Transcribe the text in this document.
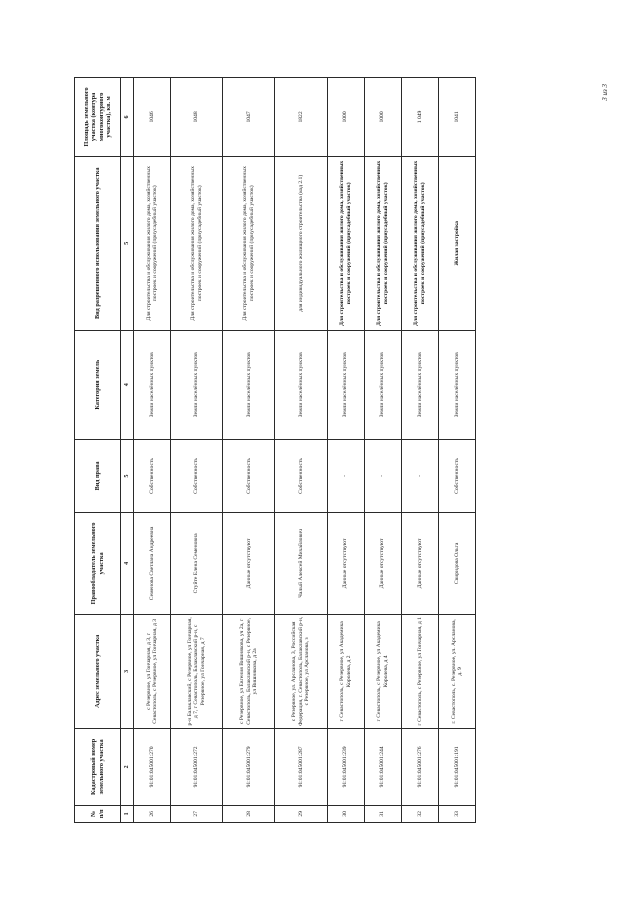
3 из 3
№ п/п	Кадастровый номер земельного участка	Адрес земельного участка	Правообладатель земельного участка	Вид права	Категория земель	Вид разрешенного использования земельного участка	Площадь земельного участка (контура многоконтурного участка), кв. м
1	2	3	4	5	4	5	6
26	91:01:045001:270	с Резервное, ул Гончарная, д 3, г Севастополь, с Резервное, ул Гончарная, д 3	Семенова Светлана Андреевна	Собственность	Земли населённых пунктов	Для строительства и обслуживания жилого дома, хозяйственных построек и сооружений (приусадебный участок)	1046
27	91:01:045001:272	р-н Балаклавский, с Резервное, ул Гончарная, д 7, г Севастополь, Балаклавский р-н, с Резервное, ул Гончарная, д 7	Стуйте Елена Семеновна	Собственность	Земли населённых пунктов	Для строительства и обслуживания жилого дома, хозяйственных построек и сооружений (приусадебный участок)	1048
28	91:01:045001:279	с Резервное, ул Евгения Вишнякова, уч 2а, г Севастополь, Балаклавский р-н, с Резервное, ул Вишнякова, д 2а	Данные отсутствуют	Собственность	Земли населённых пунктов	Для строительства и обслуживания жилого дома, хозяйственных построек и сооружений (приусадебный участок)	1047
29	91:01:045001:287	с Резервное, ул. Арсланова, 3, Российская Федерация, г. Севастополь, Балаклавский р-н, с Резервное, ул Арсланова, з	Чалый Алексей Михайлович	Собственность	Земли населённых пунктов	для индивидуального жилищного строительства (код 2.1)	1822
30	91:01:045001:239	г Севастополь, с Резервное, ул Академика Королева, д 2	Данные отсутствуют	-	Земли населённых пунктов	Для строительства и обслуживания жилого дома, хозяйственных построек и сооружений (приусадебный участок)	1000
31	91:01:045001:244	г Севастополь, с Резервное, ул Академика Королева, д 4	Данные отсутствуют	-	Земли населённых пунктов	Для строительства и обслуживания жилого дома, хозяйственных построек и сооружений (приусадебный участок)	1000
32	91:01:045001:276	г Севастополь, с Резервное, ул Гончарная, д 1	Данные отсутствуют	-	Земли населённых пунктов	Для строительства и обслуживания жилого дома, хозяйственных построек и сооружений (приусадебный участок)	1 049
33	91:01:045001:191	г. Севастополь, с. Резервное, ул. Арсланова, д. 9	Свиридова Ольга	Собственность	Земли населённых пунктов	Жилая застройка	1041
